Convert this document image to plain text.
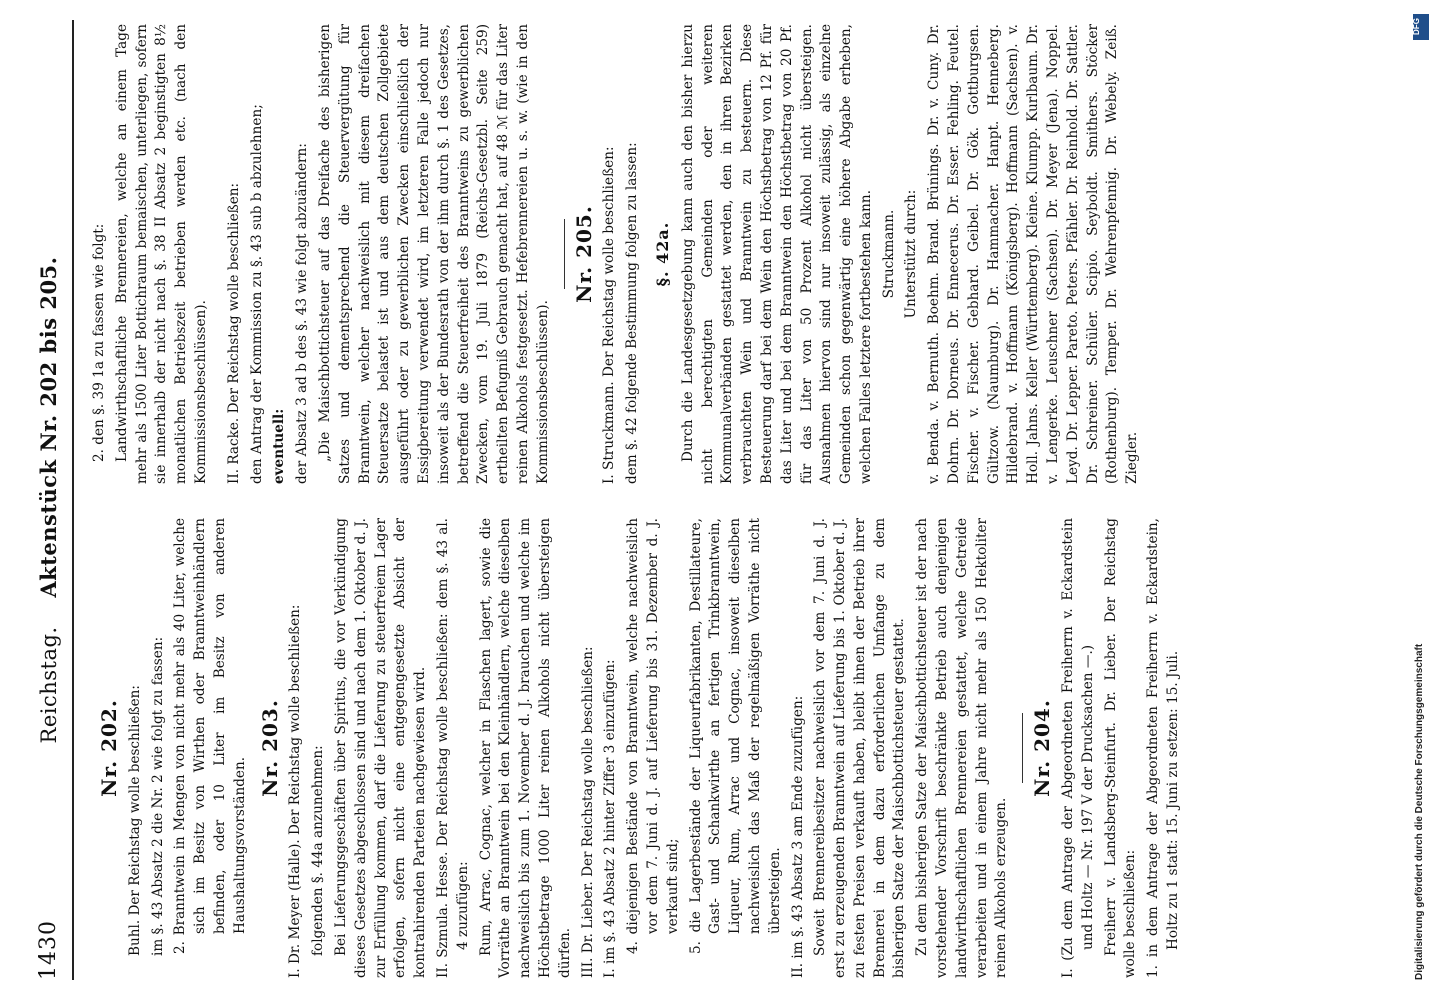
1430
Reichstag.    Aktenstück Nr. 202 bis 205.
Nr. 202. Buhl. Der Reichstag wolle beschließen: im §. 43 Absatz 2 die Nr. 2 wie folgt zu fassen: 2. Branntwein in Mengen von nicht mehr als 40 Liter, welche sich im Besitz von Wirthen oder Branntweinhändlern befinden, oder 10 Liter im Besitz von anderen Haushaltungsvorständen.

Nr. 203. I. Dr. Meyer (Halle). Der Reichstag wolle beschließen: folgenden §. 44a anzunehmen: Bei Lieferungsgeschäften über Spiritus, die vor Verkündigung dieses Gesetzes abgeschlossen sind und nach dem 1. Oktober d. J. zur Erfüllung kommen, darf die Lieferung zu steuerfreiem Lager erfolgen, sofern nicht eine entgegengesetzte Absicht der kontrahirenden Parteien nachgewiesen wird. II. Szmula. Hesse. Der Reichstag wolle beschließen: dem §. 43 al. 4 zuzufügen: Rum, Arrac, Cognac, welcher in Flaschen lagert, sowie die Vorräthe an Branntwein bei den Kleinhändlern, welche dieselben nachweislich bis zum 1. November d. J. brauchen und welche im Höchstbetrage 1000 Liter reinen Alkohols nicht übersteigen dürfen. III. Dr. Lieber. Der Reichstag wolle beschließen: I. im §. 43 Absatz 2 hinter Ziffer 3 einzufügen: 4. diejenigen Bestände von Branntwein, welche nachweislich vor dem 7. Juni d. J. auf Lieferung bis 31. Dezember d. J. verkauft sind; 5. die Lagerbestände der Liqueurfabrikanten, Destillateure, Gast- und Schankwirthe an fertigen Trinkbranntwein, Liqueur, Rum, Arrac und Cognac, insoweit dieselben nachweislich das Maß der regelmäßigen Vorräthe nicht übersteigen. II. im §. 43 Absatz 3 am Ende zuzufügen: Soweit Brennereibesitzer nachweislich vor dem 7. Juni d. J. erst zu erzeugenden Branntwein auf Lieferung bis 1. Oktober d. J. zu festen Preisen verkauft haben, bleibt ihnen der Betrieb ihrer Brennerei in dem dazu erforderlichen Umfange zu dem bisherigen Satze der Maischbottichsteuer gestattet. Zu dem bisherigen Satze der Maischbottichsteuer ist der nach vorstehender Vorschrift beschränkte Betrieb auch denjenigen landwirthschaftlichen Brennereien gestattet, welche Getreide verarbeiten und in einem Jahre nicht mehr als 150 Hektoliter reinen Alkohols erzeugen.

Nr. 204. I. (Zu dem Antrage der Abgeordneten Freiherrn v. Eckardstein und Holtz — Nr. 197 V der Drucksachen —.) Freiherr v. Landsberg-Steinfurt. Dr. Lieber. Der Reichstag wolle beschließen: 1. in dem Antrage der Abgeordneten Freiherrn v. Eckardstein, Holtz zu 1 statt: 15. Juni zu setzen: 15. Juli.

2. den §. 39 1a zu fassen wie folgt: Landwirthschaftliche Brennereien, welche an einem Tage mehr als 1500 Liter Bottichraum bemaischen, unterliegen, sofern sie innerhalb der nicht nach §. 38 II Absatz 2 beginstigten 8½ monatlichen Betriebszeit betrieben werden etc. (nach den Kommissionsbeschlüssen). II. Racke. Der Reichstag wolle beschließen: den Antrag der Kommission zu §. 43 sub b abzulehnen; eventuell: der Absatz 3 ad b des §. 43 wie folgt abzuändern: „Die Maischbottichsteuer auf das Dreifache des bisherigen Satzes und dementsprechend die Steuervergütung für Branntwein, welcher nachweislich mit diesem dreifachen Steuersatze belastet ist und aus dem deutschen Zollgebiete ausgeführt oder zu gewerblichen Zwecken einschließlich der Essigbereitung verwendet wird, im letzteren Falle jedoch nur insoweit als der Bundesrath von der ihm durch §. 1 des Gesetzes, betreffend die Steuerfreiheit des Branntweins zu gewerblichen Zwecken, vom 19. Juli 1879 (Reichs-Gesetzbl. Seite 259) ertheilten Befugniß Gebrauch gemacht hat, auf 48 ℳ für das Liter reinen Alkohols festgesetzt. Hefebrennereien u. s. w. (wie in den Kommissionsbeschlüssen).

Nr. 205. I. Struckmann. Der Reichstag wolle beschließen: dem §. 42 folgende Bestimmung folgen zu lassen: §. 42a. Durch die Landesgesetzgebung kann auch den bisher hierzu nicht berechtigten Gemeinden oder weiteren Kommunalverbänden gestattet werden, den in ihren Bezirken verbrauchten Wein und Branntwein zu besteuern. Diese Besteuerung darf bei dem Wein den Höchstbetrag von 12 Pf. für das Liter und bei dem Branntwein den Höchstbetrag von 20 Pf. für das Liter von 50 Prozent Alkohol nicht übersteigen. Ausnahmen hiervon sind nur insoweit zulässig, als einzelne Gemeinden schon gegenwärtig eine höhere Abgabe erheben, welchen Falles letztere fortbestehen kann. Struckmann. Unterstützt durch: v. Benda. v. Bernuth. Boehm. Brand. Brünings. Dr. v. Cuny. Dr. Dohrn. Dr. Dorneus. Dr. Ennecerus. Dr. Esser. Fehling. Feutel. Fischer. v. Fischer. Gebhard. Geibel. Dr. Gök. Gottburgsen. Gültzow. (Naumburg). Dr. Hammacher. Hanpt. Henneberg. Hildebrand. v. Hoffmann (Königsberg). Hoffmann (Sachsen). v. Holl. Jahns. Keller (Württemberg). Kleine. Klumpp. Kurlbaum. Dr. v. Lengerke. Leuschner (Sachsen). Dr. Meyer (Jena). Noppel. Leyd. Dr. Lepper. Pareto. Peters. Pfähler. Dr. Reinhold. Dr. Sattler. Dr. Schreiner. Schüler. Scipio. Seyboldt. Smithers. Stöcker (Rothenburg). Temper. Dr. Wehrenpfennig. Dr. Webely. Zeiß. Ziegler.

DFG
Digitalisierung gefördert durch die Deutsche Forschungsgemeinschaft
